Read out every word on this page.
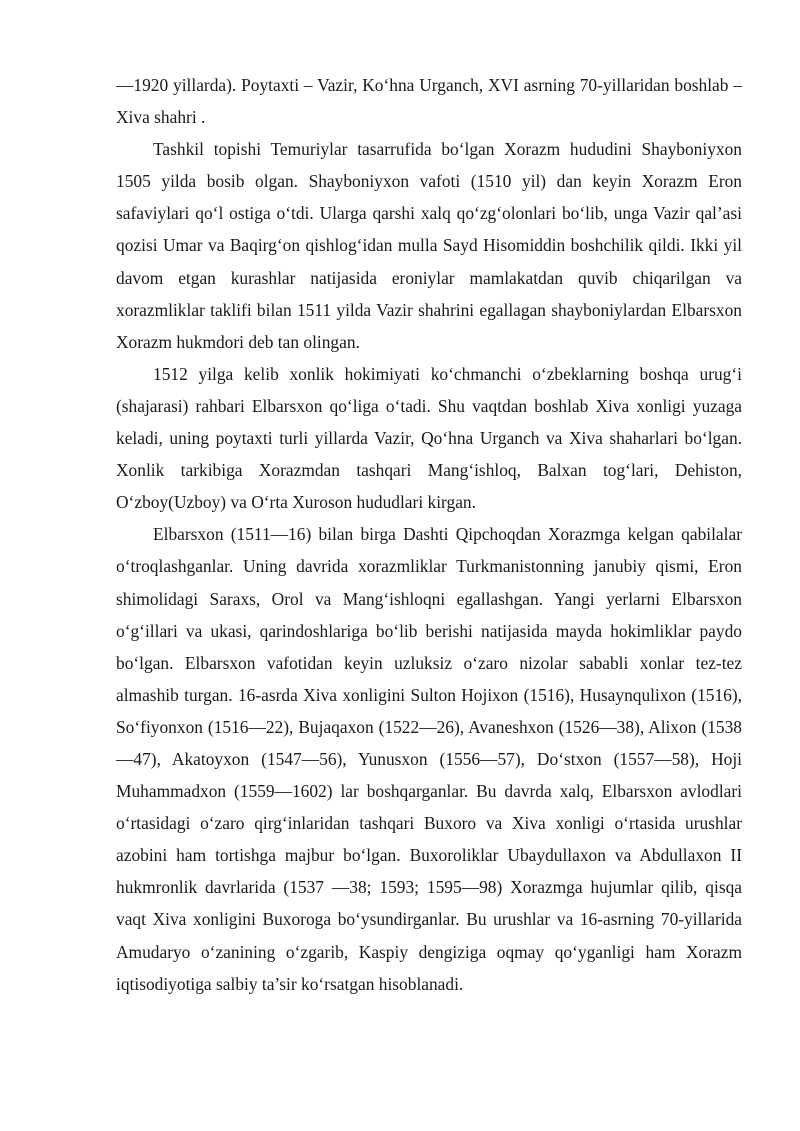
—1920 yillarda). Poytaxti – Vazir, Ko‘hna Urganch, XVI asrning 70-yillaridan boshlab – Xiva shahri .

Tashkil topishi Temuriylar tasarrufida bo‘lgan Xorazm hududini Shayboniyxon 1505 yilda bosib olgan. Shayboniyxon vafoti (1510 yil) dan keyin Xorazm Eron safaviylari qo‘l ostiga o‘tdi. Ularga qarshi xalq qo‘zg‘olonlari bo‘lib, unga Vazir qal’asi qozisi Umar va Baqirg‘on qishlog‘idan mulla Sayd Hisomiddin boshchilik qildi. Ikki yil davom etgan kurashlar natijasida eroniylar mamlakatdan quvib chiqarilgan va xorazmliklar taklifi bilan 1511 yilda Vazir shahrini egallagan shayboniylardan Elbarsxon Xorazm hukmdori deb tan olingan.

1512 yilga kelib xonlik hokimiyati ko‘chmanchi o‘zbeklarning boshqa urug‘i (shajarasi) rahbari Elbarsxon qo‘liga o‘tadi. Shu vaqtdan boshlab Xiva xonligi yuzaga keladi, uning poytaxti turli yillarda Vazir, Qo‘hna Urganch va Xiva shaharlari bo‘lgan. Xonlik tarkibiga Xorazmdan tashqari Mang‘ishloq, Balxan tog‘lari, Dehiston, O‘zboy(Uzboy) va O‘rta Xuroson hududlari kirgan.

Elbarsxon (1511—16) bilan birga Dashti Qipchoqdan Xorazmga kelgan qabilalar o‘troqlashganlar. Uning davrida xorazmliklar Turkmanistonning janubiy qismi, Eron shimolidagi Saraxs, Orol va Mang‘ishloqni egallashgan. Yangi yerlarni Elbarsxon o‘g‘illari va ukasi, qarindoshlariga bo‘lib berishi natijasida mayda hokimliklar paydo bo‘lgan. Elbarsxon vafotidan keyin uzluksiz o‘zaro nizolar sababli xonlar tez-tez almashib turgan. 16-asrda Xiva xonligini Sulton Hojixon (1516), Husaynqulixon (1516), So‘fiyonxon (1516—22), Bujaqaxon (1522—26), Avaneshxon (1526—38), Alixon (1538—47), Akatoyxon (1547—56), Yunusxon (1556—57), Do‘stxon (1557—58), Hoji Muhammadxon (1559—1602) lar boshqarganlar. Bu davrda xalq, Elbarsxon avlodlari o‘rtasidagi o‘zaro qirg‘inlaridan tashqari Buxoro va Xiva xonligi o‘rtasida urushlar azobini ham tortishga majbur bo‘lgan. Buxoroliklar Ubaydullaxon va Abdullaxon II hukmronlik davrlarida (1537 —38; 1593; 1595—98) Xorazmga hujumlar qilib, qisqa vaqt Xiva xonligini Buxoroga bo‘ysundirganlar. Bu urushlar va 16-asrning 70-yillarida Amudaryo o‘zanining o‘zgarib, Kaspiy dengiziga oqmay qo‘yganligi ham Xorazm iqtisodiyotiga salbiy ta’sir ko‘rsatgan hisoblanadi.
